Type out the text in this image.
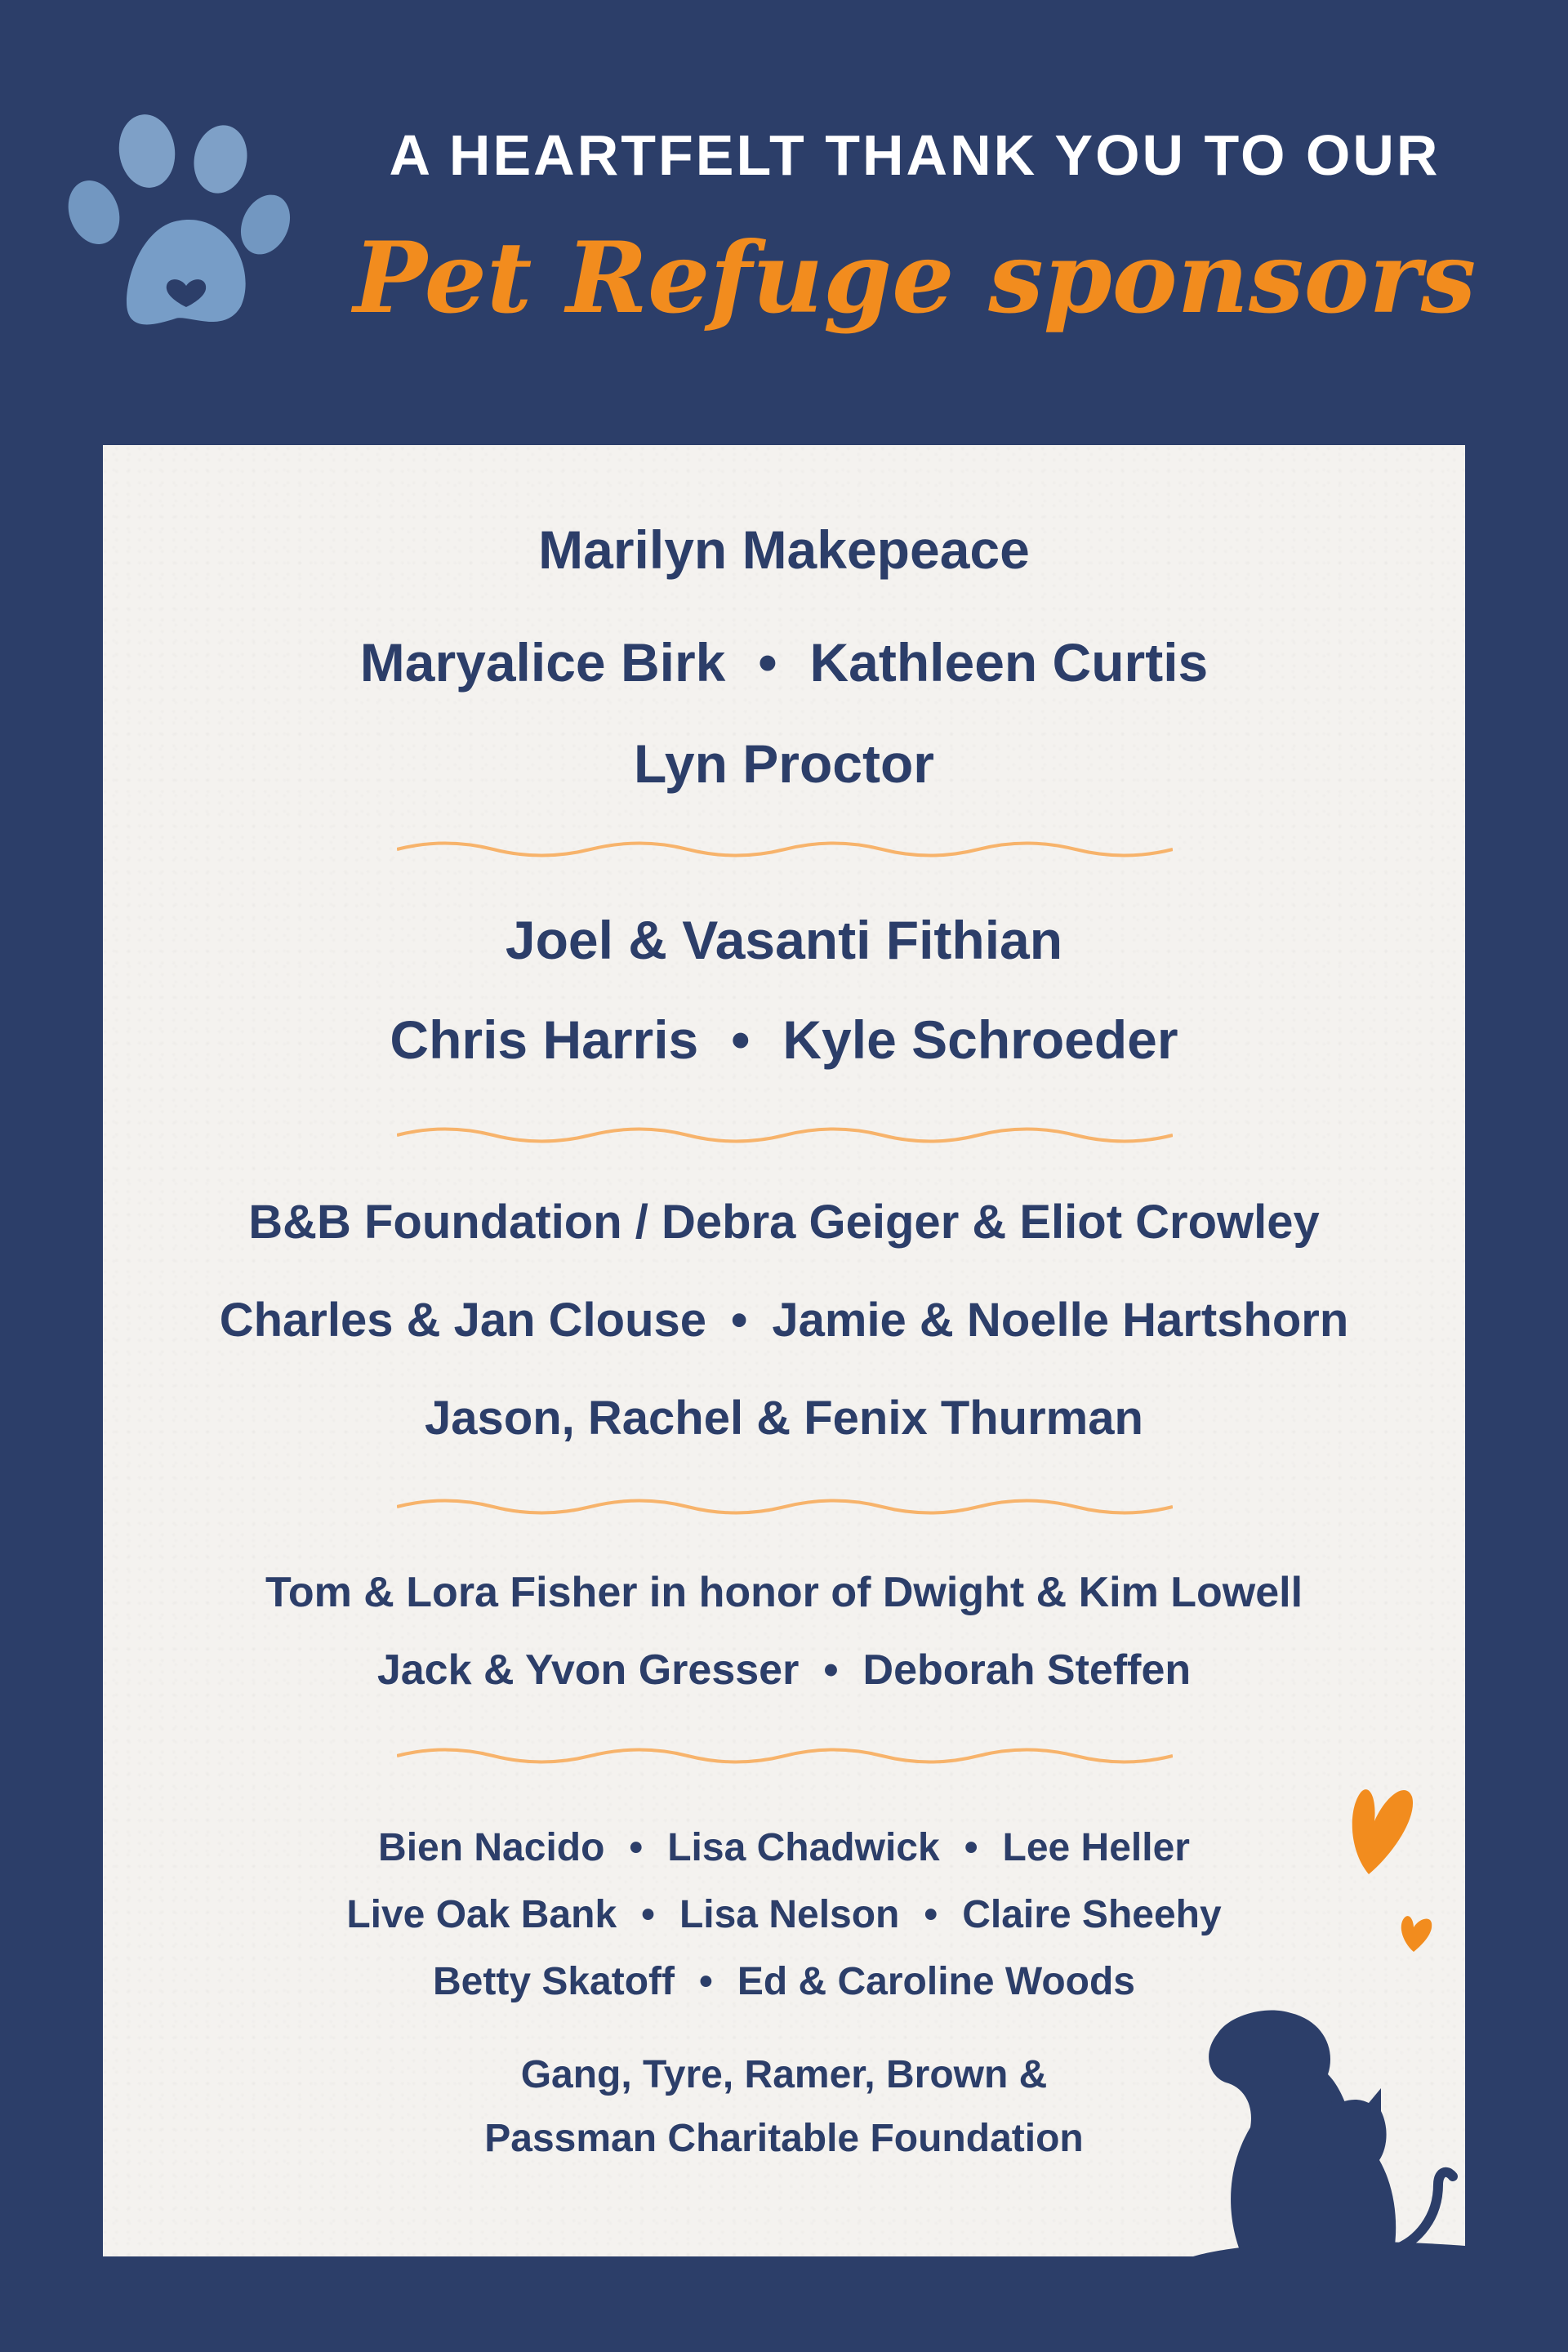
A HEARTFELT THANK YOU TO OUR
Pet Refuge sponsors
Marilyn Makepeace
Maryalice Birk • Kathleen Curtis
Lyn Proctor
Joel & Vasanti Fithian
Chris Harris • Kyle Schroeder
B&B Foundation / Debra Geiger & Eliot Crowley
Charles & Jan Clouse • Jamie & Noelle Hartshorn
Jason, Rachel & Fenix Thurman
Tom & Lora Fisher in honor of Dwight & Kim Lowell
Jack & Yvon Gresser • Deborah Steffen
Bien Nacido • Lisa Chadwick • Lee Heller
Live Oak Bank • Lisa Nelson • Claire Sheehy
Betty Skatoff • Ed & Caroline Woods
Gang, Tyre, Ramer, Brown &
Passman Charitable Foundation
